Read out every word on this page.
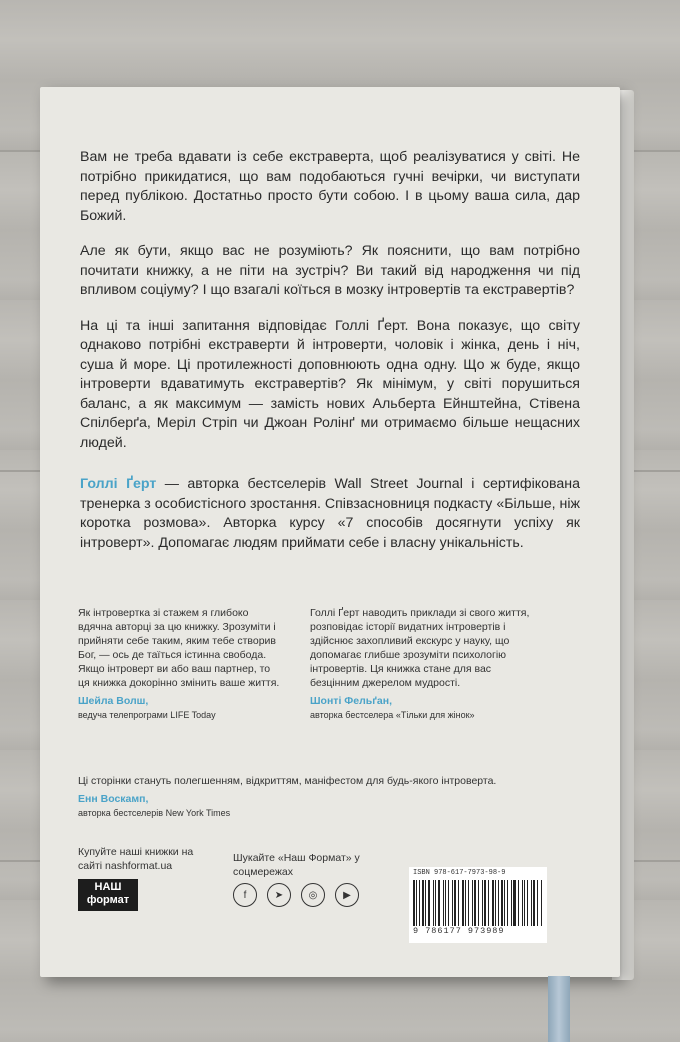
Вам не треба вдавати із себе екстраверта, щоб реалізуватися у світі. Не потрібно прикидатися, що вам подобаються гучні вечірки, чи виступати перед публікою. Достатньо просто бути собою. І в цьому ваша сила, дар Божий.

Але як бути, якщо вас не розуміють? Як пояснити, що вам потрібно почитати книжку, а не піти на зустріч? Ви такий від народження чи під впливом соціуму? І що взагалі коїться в мозку інтровертів та екстравертів?

На ці та інші запитання відповідає Голлі Ґерт. Вона показує, що світу однаково потрібні екстраверти й інтроверти, чоловік і жінка, день і ніч, суша й море. Ці протилежності доповнюють одна одну. Що ж буде, якщо інтроверти вдаватимуть екстравертів? Як мінімум, у світі порушиться баланс, а як максимум — замість нових Альберта Ейнштейна, Стівена Спілберґа, Меріл Стріп чи Джоан Ролінґ ми отримаємо більше нещасних людей.

Голлі Ґерт — авторка бестселерів Wall Street Journal і сертифікована тренерка з особистісного зростання. Співзасновниця подкасту «Більше, ніж коротка розмова». Авторка курсу «7 способів досягнути успіху як інтроверт». Допомагає людям приймати себе і власну унікальність.

Як інтровертка зі стажем я глибоко вдячна авторці за цю книжку. Зрозуміти і прийняти себе таким, яким тебе створив Бог, — ось де таїться істинна свобода. Якщо інтроверт ви або ваш партнер, то ця книжка докорінно змінить ваше життя.
Шейла Волш,
ведуча телепрограми LIFE Today
Голлі Ґерт наводить приклади зі свого життя, розповідає історії видатних інтровертів і здійснює захопливий екскурс у науку, що допомагає глибше зрозуміти психологію інтровертів. Ця книжка стане для вас безцінним джерелом мудрості.
Шонті Фельґан,
авторка бестселера «Тільки для жінок»
Ці сторінки стануть полегшенням, відкриттям, маніфестом для будь-якого інтроверта.
Енн Воскамп,
авторка бестселерів New York Times
Купуйте наші книжки на сайті nashformat.ua
НАШ формат
Шукайте «Наш Формат» у соцмережах
f	➤	◎	▶
ISBN 978-617-7973-98-9
9 786177 973989
